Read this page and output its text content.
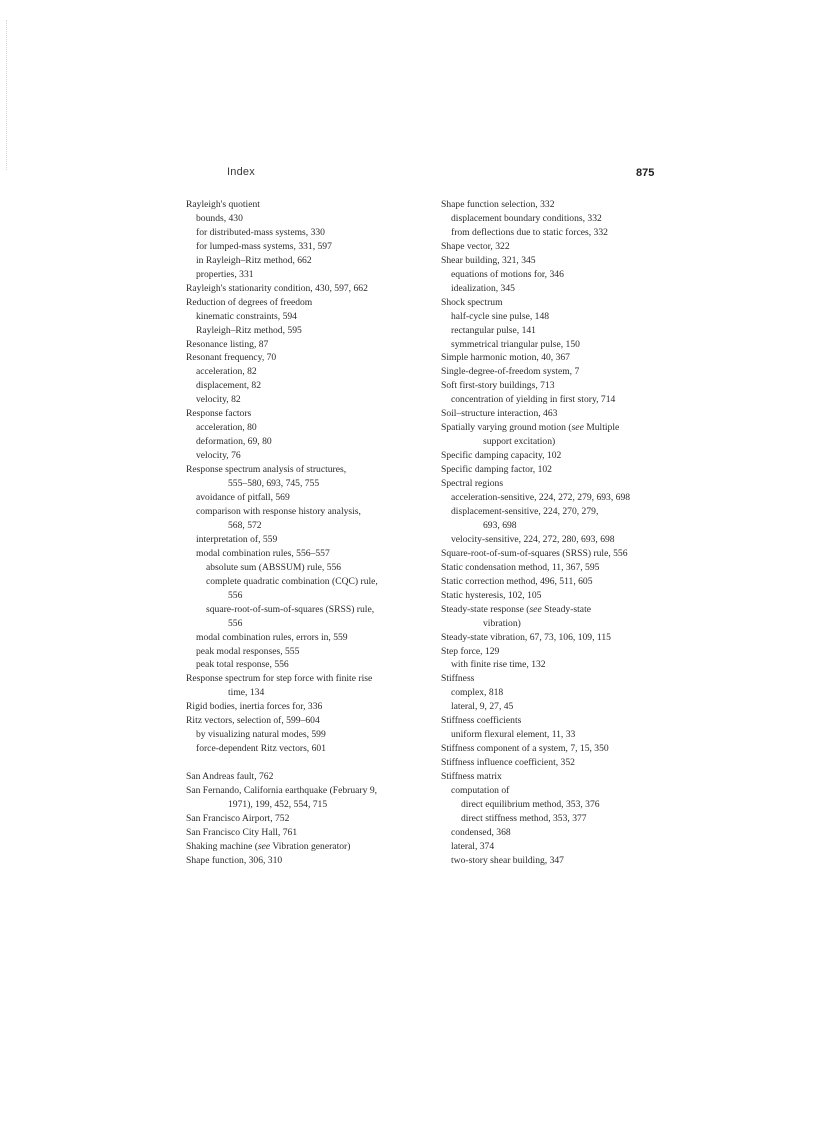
Index	875
Rayleigh's quotient
bounds, 430
for distributed-mass systems, 330
for lumped-mass systems, 331, 597
in Rayleigh–Ritz method, 662
properties, 331
Rayleigh's stationarity condition, 430, 597, 662
Reduction of degrees of freedom
kinematic constraints, 594
Rayleigh–Ritz method, 595
Resonance listing, 87
Resonant frequency, 70
acceleration, 82
displacement, 82
velocity, 82
Response factors
acceleration, 80
deformation, 69, 80
velocity, 76
Response spectrum analysis of structures,
555–580, 693, 745, 755
avoidance of pitfall, 569
comparison with response history analysis,
568, 572
interpretation of, 559
modal combination rules, 556–557
absolute sum (ABSSUM) rule, 556
complete quadratic combination (CQC) rule,
556
square-root-of-sum-of-squares (SRSS) rule,
556
modal combination rules, errors in, 559
peak modal responses, 555
peak total response, 556
Response spectrum for step force with finite rise
time, 134
Rigid bodies, inertia forces for, 336
Ritz vectors, selection of, 599–604
by visualizing natural modes, 599
force-dependent Ritz vectors, 601
San Andreas fault, 762
San Fernando, California earthquake (February 9,
1971), 199, 452, 554, 715
San Francisco Airport, 752
San Francisco City Hall, 761
Shaking machine (see Vibration generator)
Shape function, 306, 310
Shape function selection, 332
displacement boundary conditions, 332
from deflections due to static forces, 332
Shape vector, 322
Shear building, 321, 345
equations of motions for, 346
idealization, 345
Shock spectrum
half-cycle sine pulse, 148
rectangular pulse, 141
symmetrical triangular pulse, 150
Simple harmonic motion, 40, 367
Single-degree-of-freedom system, 7
Soft first-story buildings, 713
concentration of yielding in first story, 714
Soil–structure interaction, 463
Spatially varying ground motion (see Multiple
support excitation)
Specific damping capacity, 102
Specific damping factor, 102
Spectral regions
acceleration-sensitive, 224, 272, 279, 693, 698
displacement-sensitive, 224, 270, 279,
693, 698
velocity-sensitive, 224, 272, 280, 693, 698
Square-root-of-sum-of-squares (SRSS) rule, 556
Static condensation method, 11, 367, 595
Static correction method, 496, 511, 605
Static hysteresis, 102, 105
Steady-state response (see Steady-state
vibration)
Steady-state vibration, 67, 73, 106, 109, 115
Step force, 129
with finite rise time, 132
Stiffness
complex, 818
lateral, 9, 27, 45
Stiffness coefficients
uniform flexural element, 11, 33
Stiffness component of a system, 7, 15, 350
Stiffness influence coefficient, 352
Stiffness matrix
computation of
direct equilibrium method, 353, 376
direct stiffness method, 353, 377
condensed, 368
lateral, 374
two-story shear building, 347
